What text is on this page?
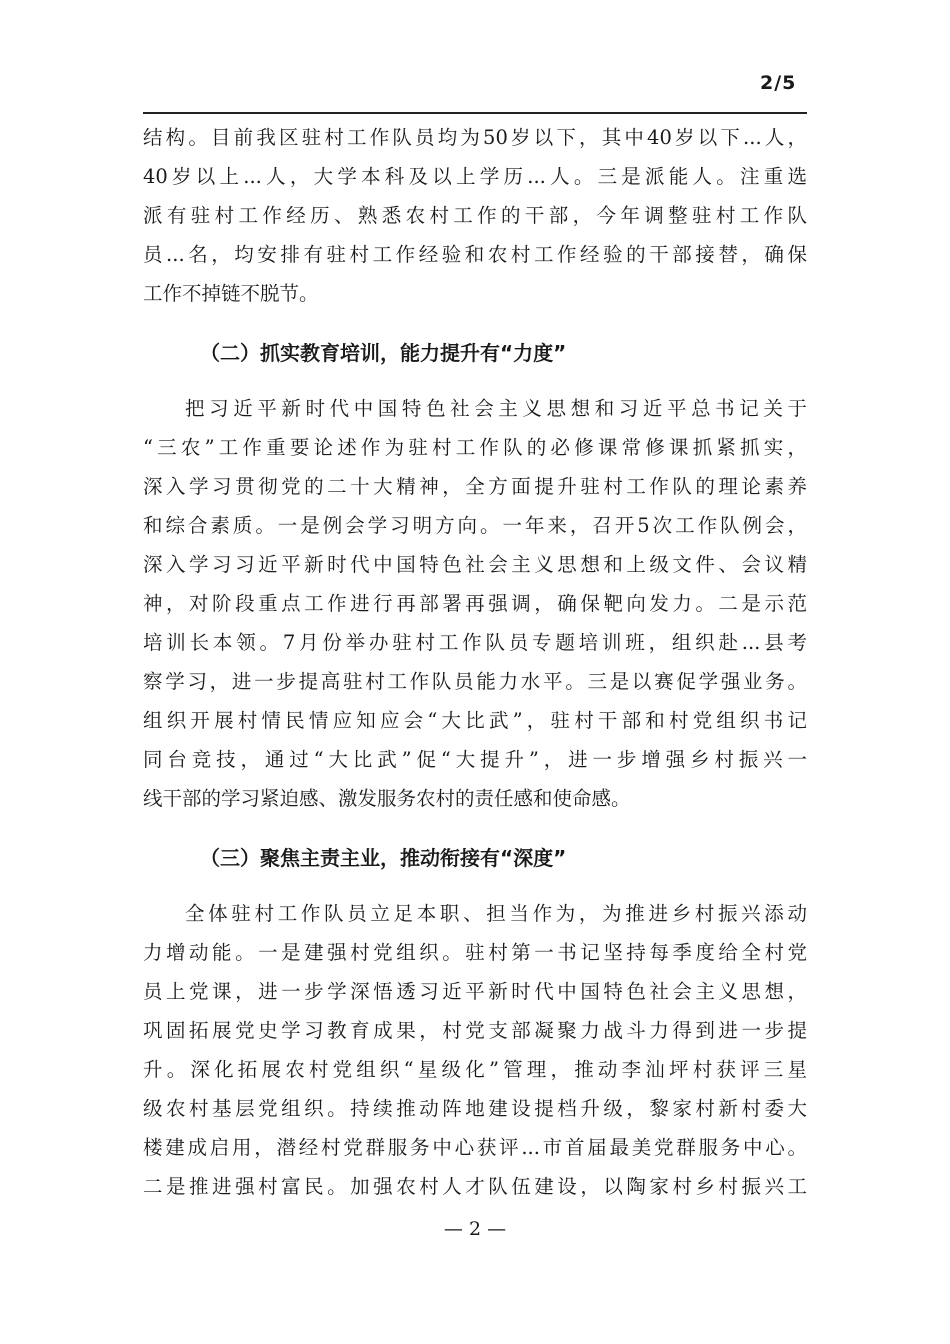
2/5
结构。目前我区驻村工作队员均为50岁以下，其中40岁以下...人，
40岁以上...人，大学本科及以上学历...人。三是派能人。注重选
派有驻村工作经历、熟悉农村工作的干部，今年调整驻村工作队
员...名，均安排有驻村工作经验和农村工作经验的干部接替，确保
工作不掉链不脱节。
（二）抓实教育培训，能力提升有“力度”
把习近平新时代中国特色社会主义思想和习近平总书记关于
“三农”工作重要论述作为驻村工作队的必修课常修课抓紧抓实，
深入学习贯彻党的二十大精神，全方面提升驻村工作队的理论素养
和综合素质。一是例会学习明方向。一年来，召开5次工作队例会，
深入学习习近平新时代中国特色社会主义思想和上级文件、会议精
神，对阶段重点工作进行再部署再强调，确保靶向发力。二是示范
培训长本领。7月份举办驻村工作队员专题培训班，组织赴...县考
察学习，进一步提高驻村工作队员能力水平。三是以赛促学强业务。
组织开展村情民情应知应会“大比武”，驻村干部和村党组织书记
同台竞技，通过“大比武”促“大提升”，进一步增强乡村振兴一
线干部的学习紧迫感、激发服务农村的责任感和使命感。
（三）聚焦主责主业，推动衔接有“深度”
全体驻村工作队员立足本职、担当作为，为推进乡村振兴添动
力增动能。一是建强村党组织。驻村第一书记坚持每季度给全村党
员上党课，进一步学深悟透习近平新时代中国特色社会主义思想，
巩固拓展党史学习教育成果，村党支部凝聚力战斗力得到进一步提
升。深化拓展农村党组织“星级化”管理，推动李汕坪村获评三星
级农村基层党组织。持续推动阵地建设提档升级，黎家村新村委大
楼建成启用，潜经村党群服务中心获评...市首届最美党群服务中心。
二是推进强村富民。加强农村人才队伍建设，以陶家村乡村振兴工
— 2 —
